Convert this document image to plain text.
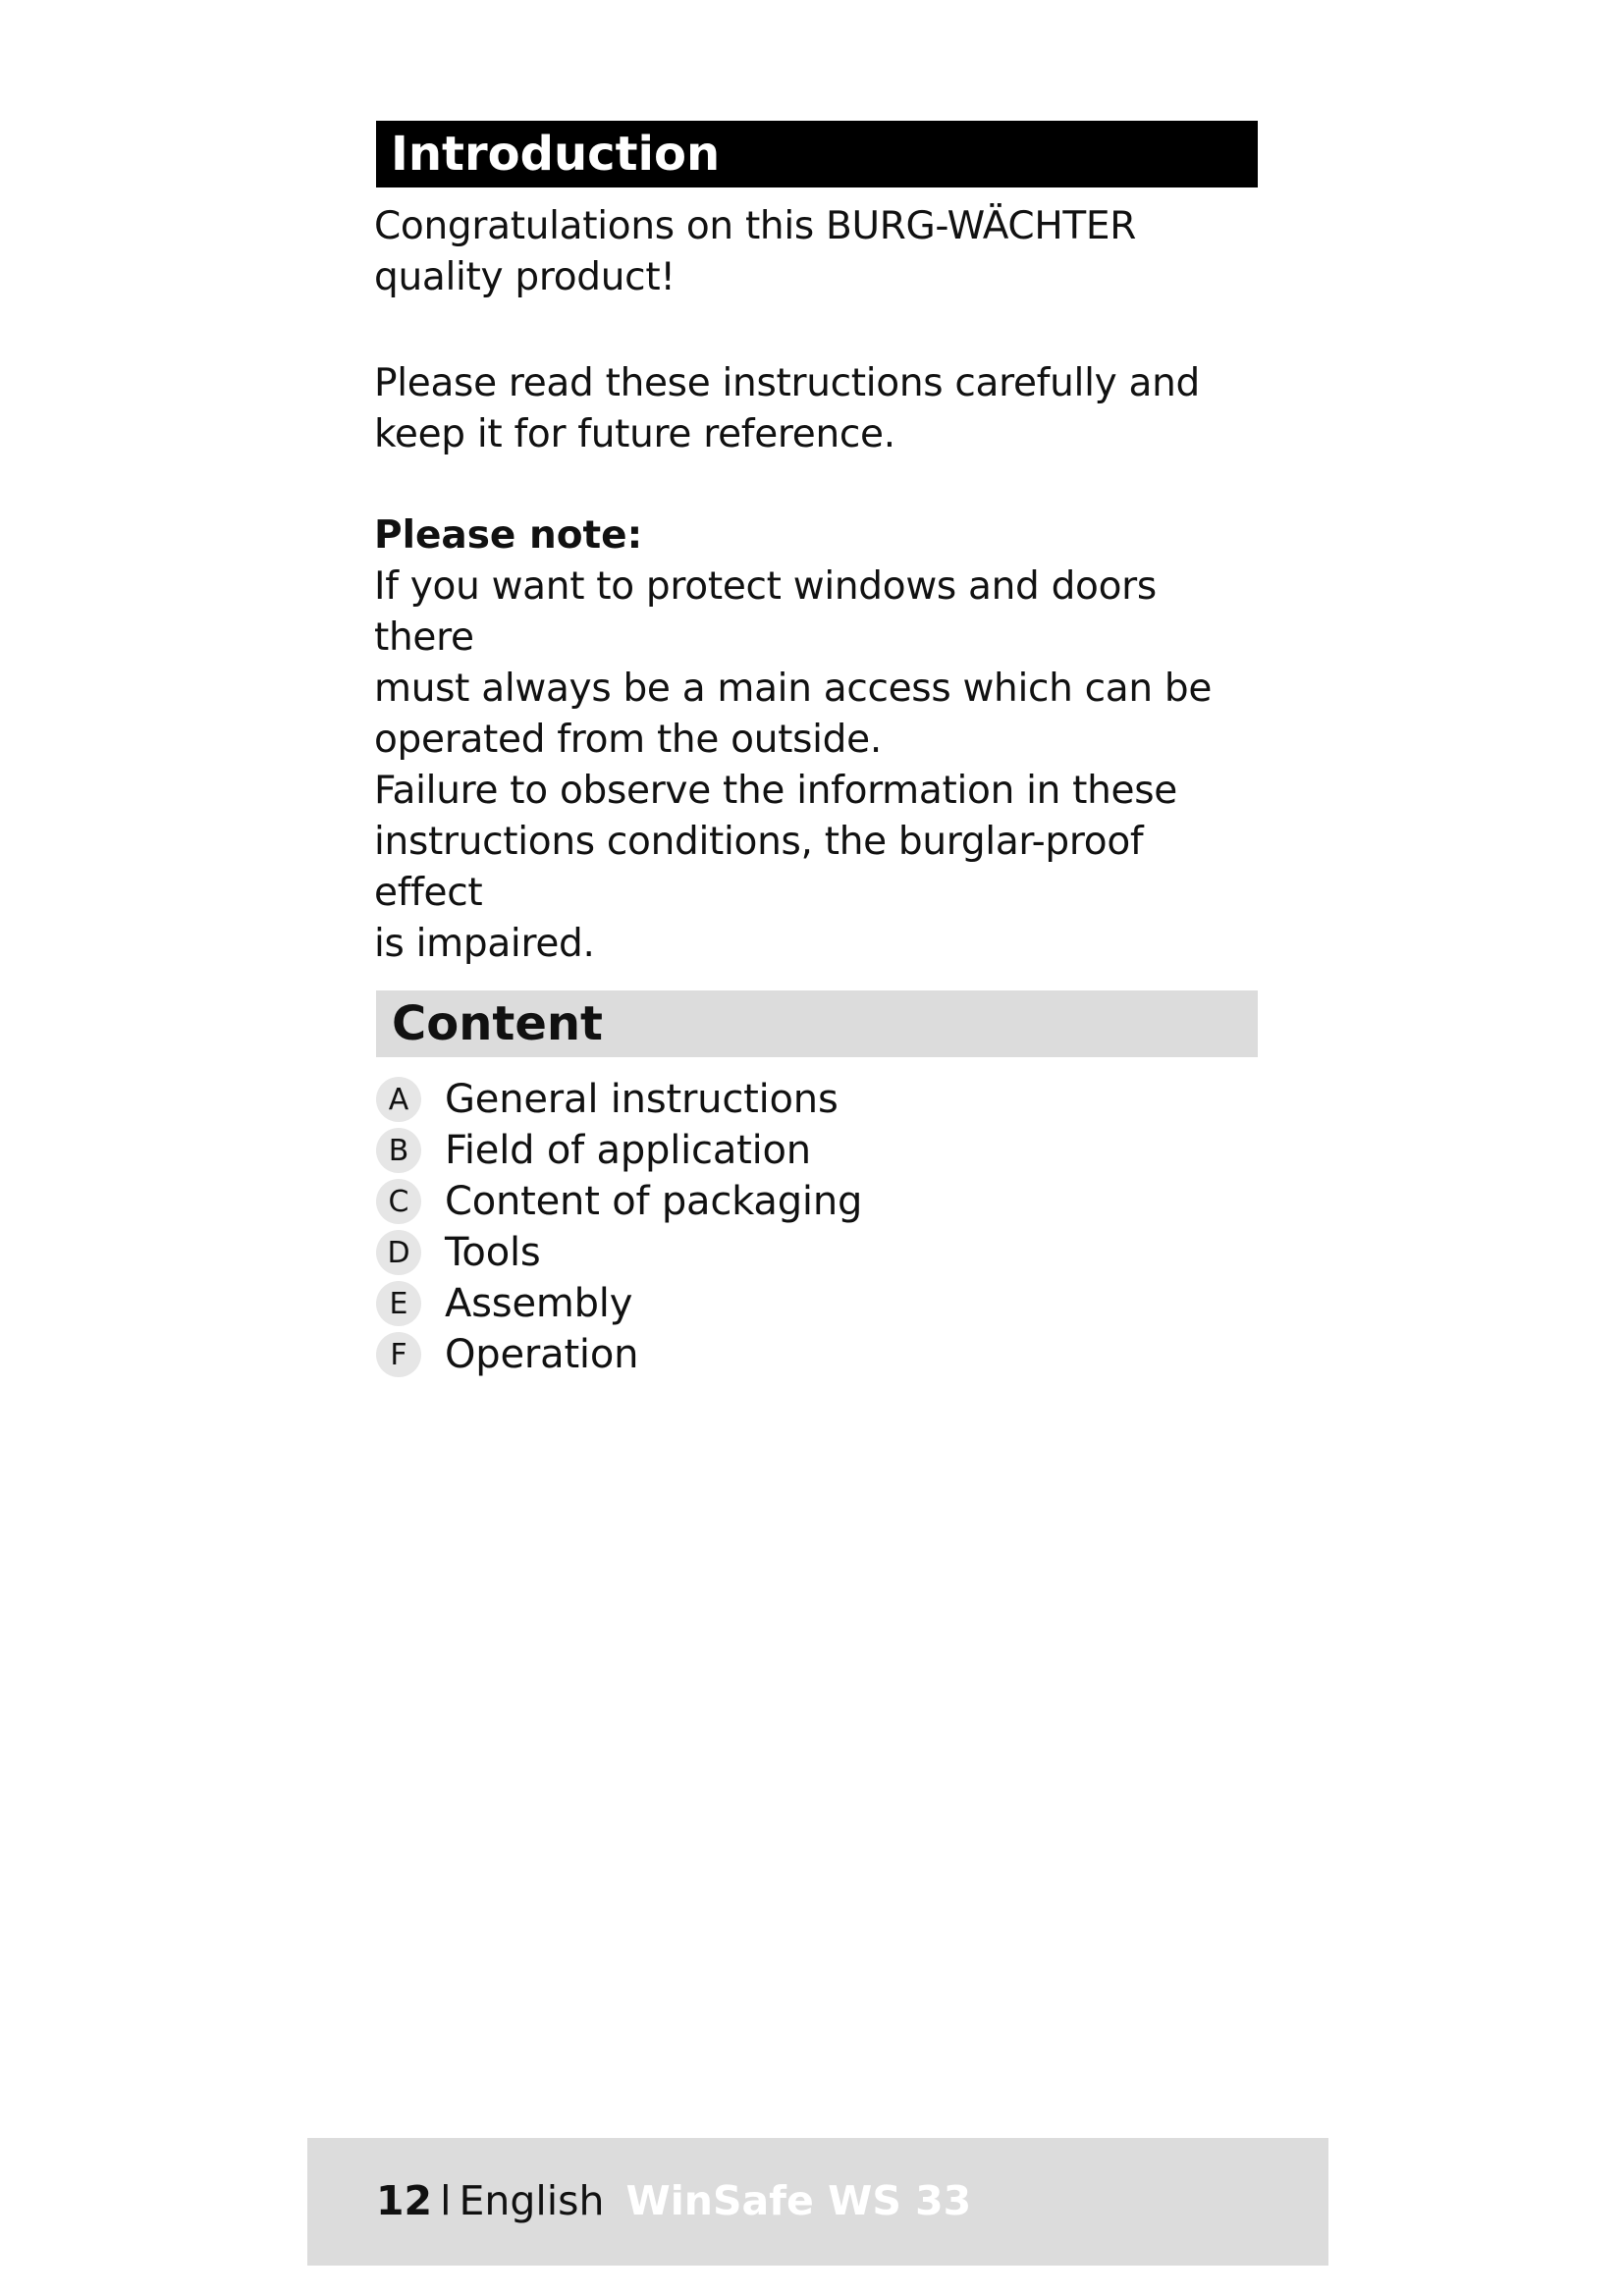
Introduction
Congratulations on this BURG-WÄCHTER
quality product!
Please read these instructions carefully and
keep it for future reference.
Please note:
If you want to protect windows and doors there
must always be a main access which can be
operated from the outside.
Failure to observe the information in these
instructions conditions, the burglar-proof effect
is impaired.
Content
A General instructions
B Field of application
C Content of packaging
D Tools
E Assembly
F Operation
12 l English WinSafe WS 33
